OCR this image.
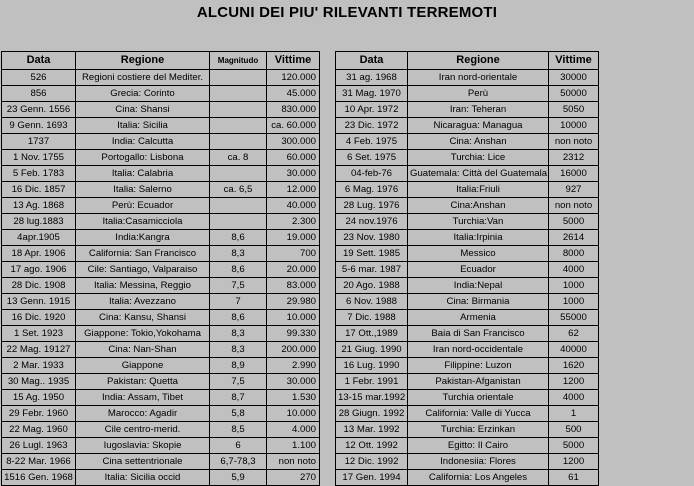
ALCUNI DEI PIU' RILEVANTI TERREMOTI
Data	Regione	Magnitudo	Vittime
526	Regioni costiere del Mediter.		120.000
856	Grecia: Corinto		45.000
23 Genn. 1556	Cina: Shansi		830.000
9 Genn. 1693	Italia: Sicilia		ca. 60.000
1737	India: Calcutta		300.000
1 Nov. 1755	Portogallo: Lisbona	ca. 8	60.000
5 Feb. 1783	Italia: Calabria		30.000
16 Dic. 1857	Italia: Salerno	ca. 6,5	12.000
13 Ag. 1868	Perù: Ecuador		40.000
28 lug.1883	Italia:Casamicciola		2.300
4apr.1905	India:Kangra	8,6	19.000
18 Apr. 1906	California: San Francisco	8,3	700
17 ago. 1906	Cile: Santiago, Valparaiso	8,6	20.000
28 Dic. 1908	Italia: Messina, Reggio	7,5	83.000
13 Genn. 1915	Italia: Avezzano	7	29.980
16 Dic. 1920	Cina: Kansu, Shansi	8,6	10.000
1 Set. 1923	Giappone: Tokio,Yokohama	8,3	99.330
22 Mag. 19127	Cina: Nan-Shan	8,3	200.000
2 Mar. 1933	Giappone	8,9	2.990
30 Mag.. 1935	Pakistan: Quetta	7,5	30.000
15 Ag. 1950	India: Assam, Tibet	8,7	1.530
29 Febr. 1960	Marocco: Agadir	5,8	10.000
22 Mag. 1960	Cile centro-merid.	8,5	4.000
26 Lugl. 1963	Iugoslavia: Skopie	6	1.100
8-22 Mar. 1966	Cina settentrionale	6,7-78,3	non noto
1516 Gen. 1968	Italia: Sicilia occid	5,9	270
Data	Regione	Vittime
31 ag. 1968	Iran nord-orientale	30000
31 Mag. 1970	Perù	50000
10 Apr. 1972	Iran: Teheran	5050
23 Dic. 1972	Nicaragua: Managua	10000
4 Feb. 1975	Cina: Anshan	non noto
6 Set. 1975	Turchia: Lice	2312
04-feb-76	Guatemala: Città del Guatemala	16000
6 Mag. 1976	Italia:Friuli	927
28 Lug. 1976	Cina:Anshan	non noto
24 nov.1976	Turchia:Van	5000
23 Nov. 1980	Italia:Irpinia	2614
19 Sett. 1985	Messico	8000
5-6 mar. 1987	Ecuador	4000
20 Ago. 1988	India:Nepal	1000
6 Nov. 1988	Cina: Birmania	1000
7 Dic. 1988	Armenia	55000
17 Ott.,1989	Baia di San Francisco	62
21 Giug. 1990	Iran nord-occidentale	40000
16 Lug. 1990	Filippine: Luzon	1620
1 Febr. 1991	Pakistan-Afganistan	1200
13-15 mar.1992	Turchia orientale	4000
28 Giugn. 1992	California: Valle di Yucca	1
13 Mar. 1992	Turchia: Erzinkan	500
12 Ott. 1992	Egitto: Il Cairo	5000
12 Dic. 1992	Indonesiia: Flores	1200
17 Gen. 1994	California: Los Angeles	61
